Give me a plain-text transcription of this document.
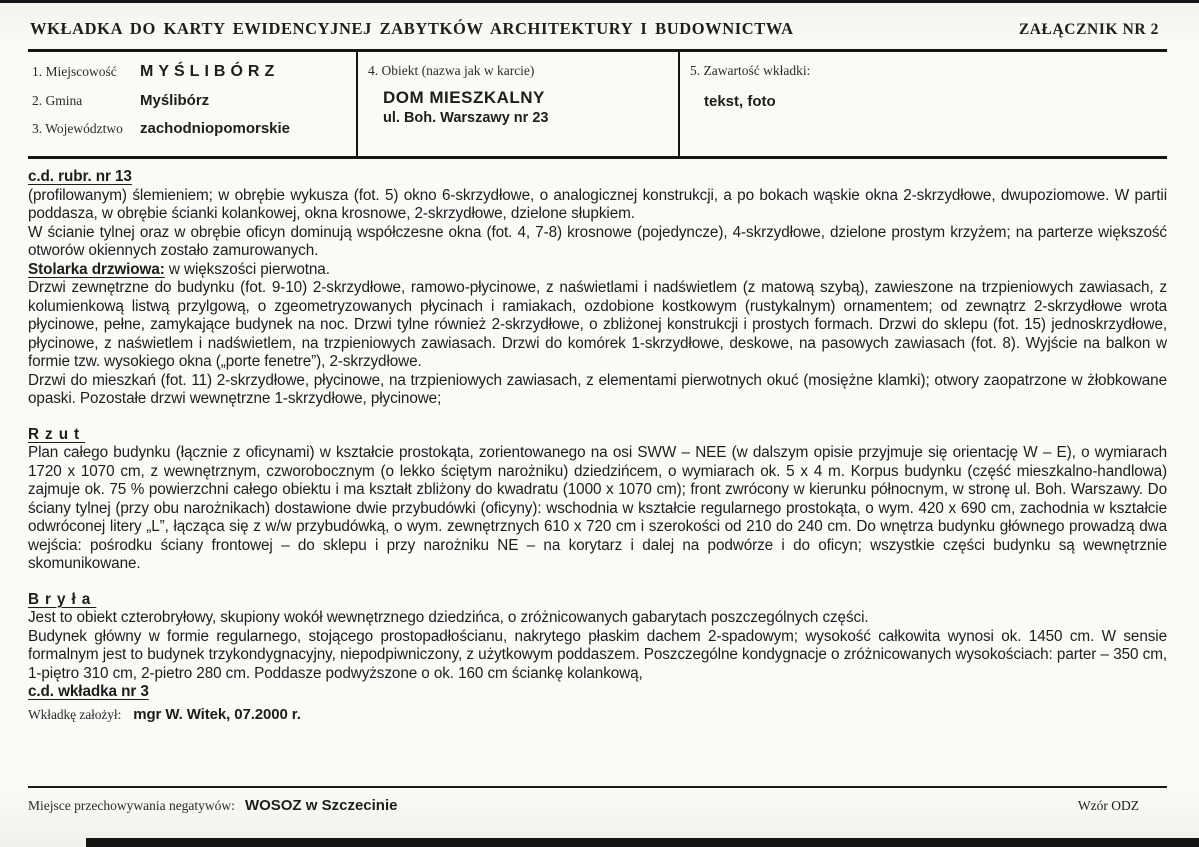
WKŁADKA DO KARTY EWIDENCYJNEJ ZABYTKÓW ARCHITEKTURY I BUDOWNICTWA	ZAŁĄCZNIK NR 2
1. Miejscowość	MYŚLIBÓRZ
2. Gmina	Myślibórz
3. Województwo	zachodniopomorskie
4. Obiekt (nazwa jak w karcie)
DOM MIESZKALNY
ul. Boh. Warszawy nr 23
5. Zawartość wkładki:
tekst, foto
c.d. rubr. nr 13

(profilowanym) ślemieniem; w obrębie wykusza (fot. 5) okno 6-skrzydłowe, o analogicznej konstrukcji, a po bokach wąskie okna 2-skrzydłowe, dwupoziomowe. W partii poddasza, w obrębie ścianki kolankowej, okna krosnowe, 2-skrzydłowe, dzielone słupkiem.

W ścianie tylnej oraz w obrębie oficyn dominują współczesne okna (fot. 4, 7-8) krosnowe (pojedyncze), 4-skrzydłowe, dzielone prostym krzyżem; na parterze większość otworów okiennych zostało zamurowanych.

Stolarka drzwiowa: w większości pierwotna.

Drzwi zewnętrzne do budynku (fot. 9-10) 2-skrzydłowe, ramowo-płycinowe, z naświetlami i nadświetlem (z matową szybą), zawieszone na trzpieniowych zawiasach, z kolumienkową listwą przylgową, o zgeometryzowanych płycinach i ramiakach, ozdobione kostkowym (rustykalnym) ornamentem; od zewnątrz 2-skrzydłowe wrota płycinowe, pełne, zamykające budynek na noc. Drzwi tylne również 2-skrzydłowe, o zbliżonej konstrukcji i prostych formach. Drzwi do sklepu (fot. 15) jednoskrzydłowe, płycinowe, z naświetlem i nadświetlem, na trzpieniowych zawiasach. Drzwi do komórek 1-skrzydłowe, deskowe, na pasowych zawiasach (fot. 8). Wyjście na balkon w formie tzw. wysokiego okna („porte fenetre”), 2-skrzydłowe.

Drzwi do mieszkań (fot. 11) 2-skrzydłowe, płycinowe, na trzpieniowych zawiasach, z elementami pierwotnych okuć (mosiężne klamki); otwory zaopatrzone w żłobkowane opaski. Pozostałe drzwi wewnętrzne 1-skrzydłowe, płycinowe;

Rzut

Plan całego budynku (łącznie z oficynami) w kształcie prostokąta, zorientowanego na osi SWW – NEE (w dalszym opisie przyjmuje się orientację W – E), o wymiarach 1720 x 1070 cm, z wewnętrznym, czworobocznym (o lekko ściętym narożniku) dziedzińcem, o wymiarach ok. 5 x 4 m. Korpus budynku (część mieszkalno-handlowa) zajmuje ok. 75 % powierzchni całego obiektu i ma kształt zbliżony do kwadratu (1000 x 1070 cm); front zwrócony w kierunku północnym, w stronę ul. Boh. Warszawy. Do ściany tylnej (przy obu narożnikach) dostawione dwie przybudówki (oficyny): wschodnia w kształcie regularnego prostokąta, o wym. 420 x 690 cm, zachodnia w kształcie odwróconej litery „L”, łącząca się z w/w przybudówką, o wym. zewnętrznych 610 x 720 cm i szerokości od 210 do 240 cm. Do wnętrza budynku głównego prowadzą dwa wejścia: pośrodku ściany frontowej – do sklepu i przy narożniku NE – na korytarz i dalej na podwórze i do oficyn; wszystkie części budynku są wewnętrznie skomunikowane.

Bryła

Jest to obiekt czterobryłowy, skupiony wokół wewnętrznego dziedzińca, o zróżnicowanych gabarytach poszczególnych części.

Budynek główny w formie regularnego, stojącego prostopadłościanu, nakrytego płaskim dachem 2-spadowym; wysokość całkowita wynosi ok. 1450 cm. W sensie formalnym jest to budynek trzykondygnacyjny, niepodpiwniczony, z użytkowym poddaszem. Poszczególne kondygnacje o zróżnicowanych wysokościach: parter – 350 cm, 1-piętro 310 cm, 2-pietro 280 cm. Poddasze podwyższone o ok. 160 cm ściankę kolankową,

c.d. wkładka nr 3
Wkładkę założył: mgr W. Witek, 07.2000 r.
Miejsce przechowywania negatywów: WOSOZ w Szczecinie	Wzór ODZ
